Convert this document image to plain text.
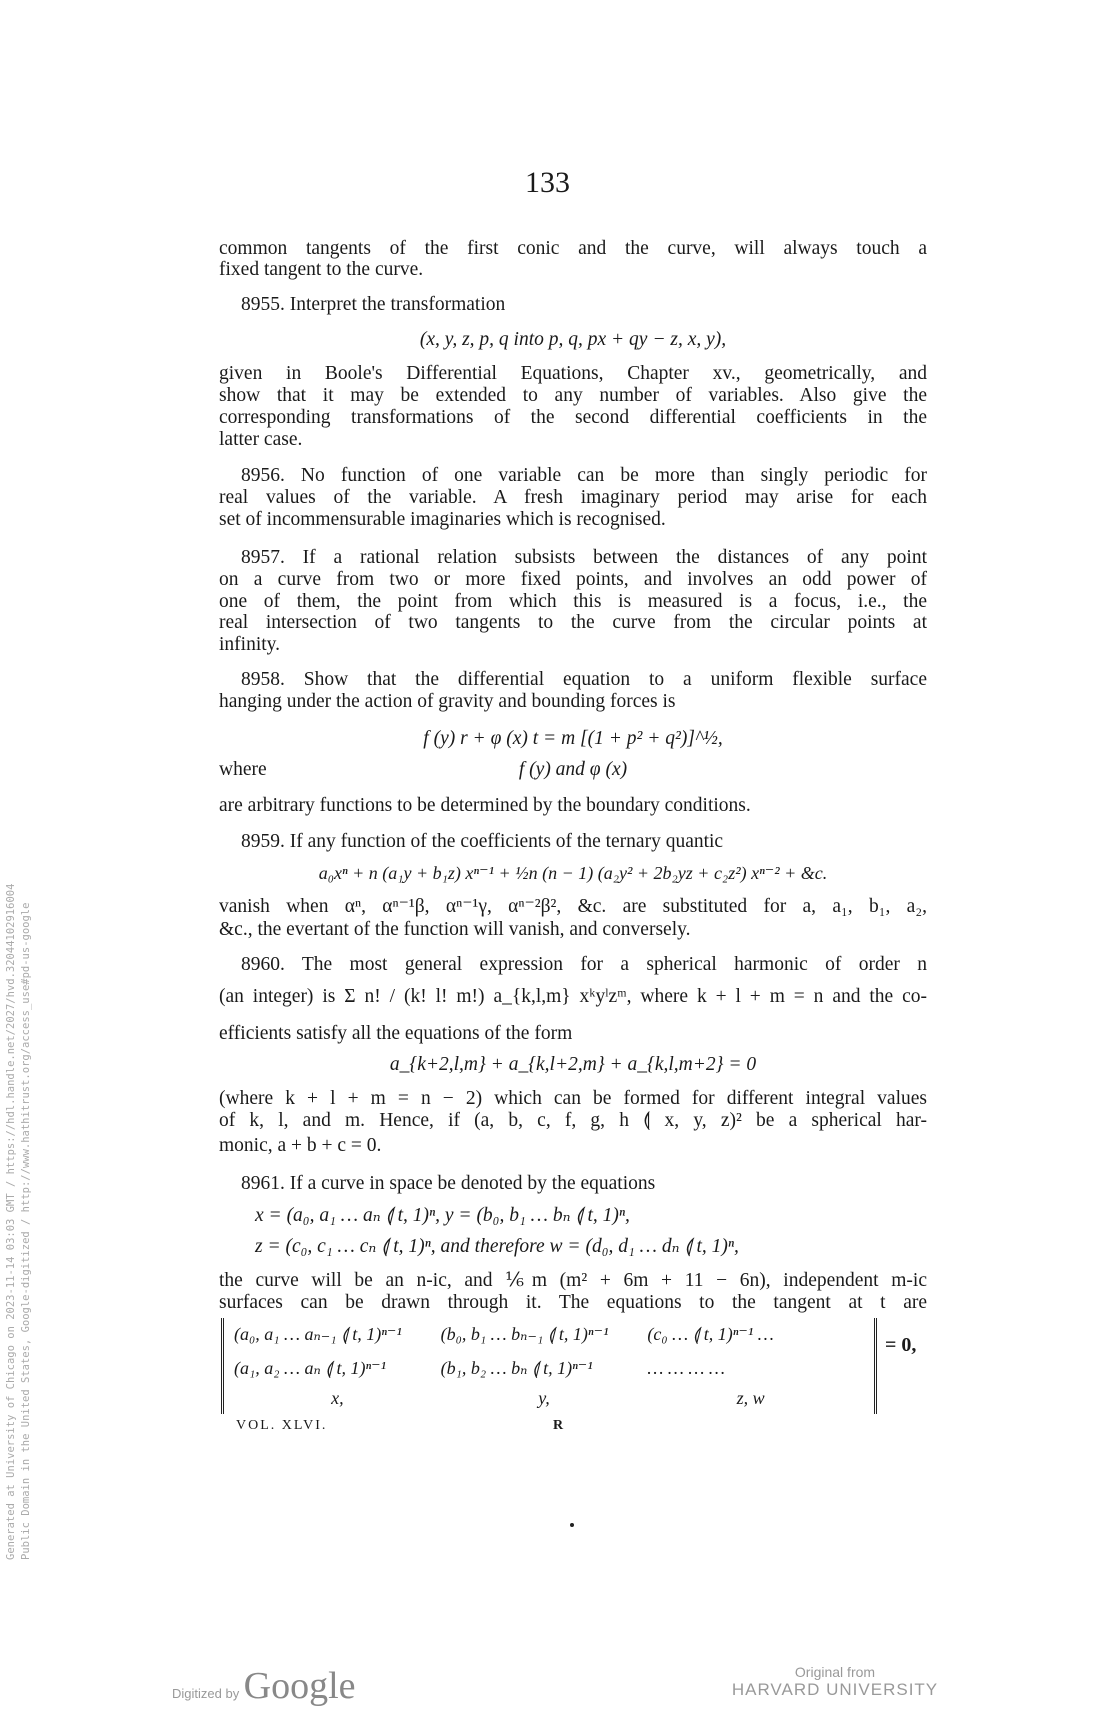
Generated at University of Chicago on 2023-11-14 03:03 GMT / https://hdl.handle.net/2027/hvd.32044102916004 Public Domain in the United States, Google-digitized / http://www.hathitrust.org/access_use#pd-us-google
133
common tangents of the first conic and the curve, will always touch a
fixed tangent to the curve.
8955. Interpret the transformation
(x, y, z, p, q into p, q, px + qy − z, x, y),
given in Boole's Differential Equations, Chapter xv., geometrically, and
show that it may be extended to any number of variables. Also give the
corresponding transformations of the second differential coefficients in the
latter case.
8956. No function of one variable can be more than singly periodic for
real values of the variable. A fresh imaginary period may arise for each
set of incommensurable imaginaries which is recognised.
8957. If a rational relation subsists between the distances of any point
on a curve from two or more fixed points, and involves an odd power of
one of them, the point from which this is measured is a focus, i.e., the
real intersection of two tangents to the curve from the circular points at
infinity.
8958. Show that the differential equation to a uniform flexible surface
hanging under the action of gravity and bounding forces is
f (y) r + φ (x) t = m [(1 + p² + q²)]^½,
where	f (y) and φ (x)
are arbitrary functions to be determined by the boundary conditions.
8959. If any function of the coefficients of the ternary quantic
a₀xⁿ + n (a₁y + b₁z) xⁿ⁻¹ + ½n (n − 1) (a₂y² + 2b₂yz + c₂z²) xⁿ⁻² + &c.
vanish when αⁿ, αⁿ⁻¹β, αⁿ⁻¹γ, αⁿ⁻²β², &c. are substituted for a, a₁, b₁, a₂,
&c., the evertant of the function will vanish, and conversely.
8960. The most general expression for a spherical harmonic of order n
(an integer) is Σ n! / (k! l! m!) a_{k,l,m} xᵏyˡzᵐ, where k + l + m = n and the co-
efficients satisfy all the equations of the form
a_{k+2,l,m} + a_{k,l+2,m} + a_{k,l,m+2} = 0
(where k + l + m = n − 2) which can be formed for different integral values
of k, l, and m. Hence, if (a, b, c, f, g, h ⟬ x, y, z)² be a spherical har-
monic, a + b + c = 0.
8961. If a curve in space be denoted by the equations
x = (a₀, a₁ … aₙ ⟬ t, 1)ⁿ, y = (b₀, b₁ … bₙ ⟬ t, 1)ⁿ,
z = (c₀, c₁ … cₙ ⟬ t, 1)ⁿ, and therefore w = (d₀, d₁ … dₙ ⟬ t, 1)ⁿ,
the curve will be an n-ic, and ⅙m (m² + 6m + 11 − 6n), independent m-ic
surfaces can be drawn through it. The equations to the tangent at t are
(a₀, a₁ … aₙ₋₁ ⟬ t, 1)ⁿ⁻¹	(b₀, b₁ … bₙ₋₁ ⟬ t, 1)ⁿ⁻¹	(c₀ … ⟬ t, 1)ⁿ⁻¹ …
(a₁, a₂ … aₙ ⟬ t, 1)ⁿ⁻¹	(b₁, b₂ … bₙ ⟬ t, 1)ⁿ⁻¹	… … … …
x,	y,	z, w
= 0,
VOL. XLVI.	R
Digitized by Google	Original from
HARVARD UNIVERSITY
